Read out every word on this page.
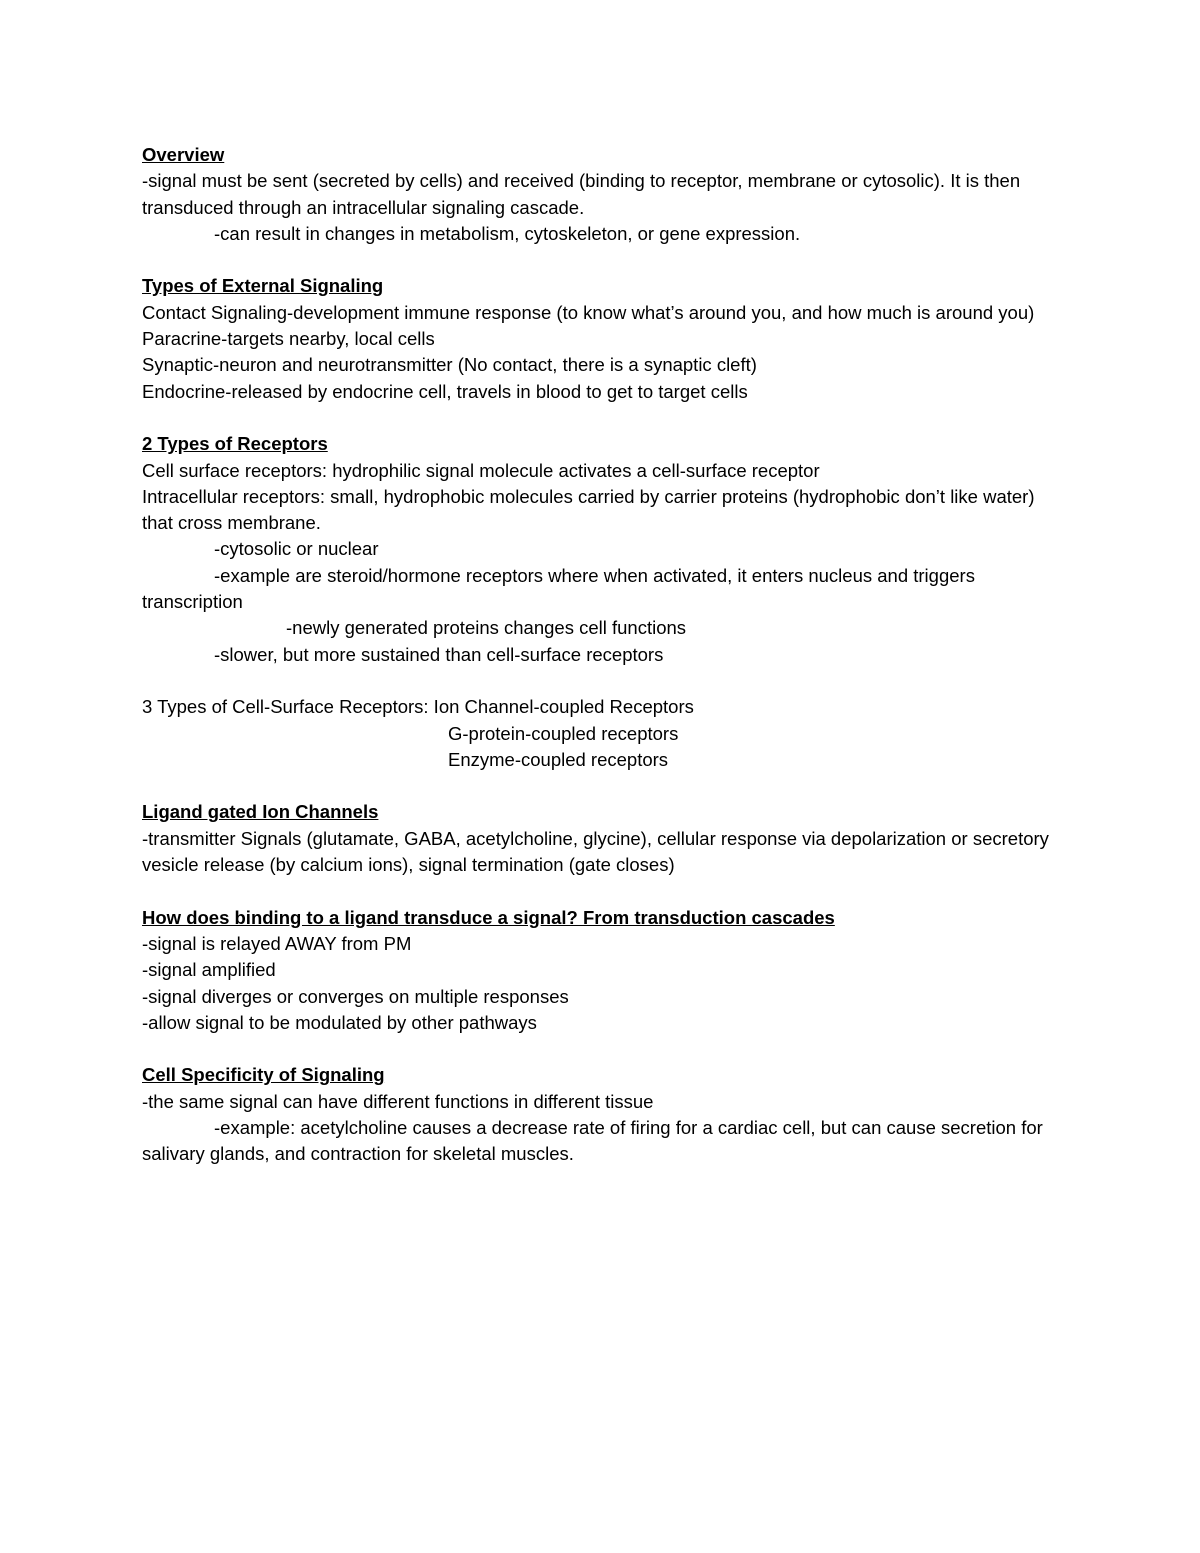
Overview
-signal must be sent (secreted by cells) and received (binding to receptor, membrane or cytosolic). It is then transduced through an intracellular signaling cascade.
-can result in changes in metabolism, cytoskeleton, or gene expression.
Types of External Signaling
Contact Signaling-development immune response (to know what’s around you, and how much is around you)
Paracrine-targets nearby, local cells
Synaptic-neuron and neurotransmitter (No contact, there is a synaptic cleft)
Endocrine-released by endocrine cell, travels in blood to get to target cells
2 Types of Receptors
Cell surface receptors: hydrophilic signal molecule activates a cell-surface receptor
Intracellular receptors: small, hydrophobic molecules carried by carrier proteins (hydrophobic don’t like water) that cross membrane.
-cytosolic or nuclear
-example are steroid/hormone receptors where when activated, it enters nucleus and triggers transcription
-newly generated proteins changes cell functions
-slower, but more sustained than cell-surface receptors
3 Types of Cell-Surface Receptors: Ion Channel-coupled Receptors
G-protein-coupled receptors
Enzyme-coupled receptors
Ligand gated Ion Channels
-transmitter Signals (glutamate, GABA, acetylcholine, glycine), cellular response via depolarization or secretory vesicle release (by calcium ions), signal termination (gate closes)
How does binding to a ligand transduce a signal? From transduction cascades
-signal is relayed AWAY from PM
-signal amplified
-signal diverges or converges on multiple responses
-allow signal to be modulated by other pathways
Cell Specificity of Signaling
-the same signal can have different functions in different tissue
-example: acetylcholine causes a decrease rate of firing for a cardiac cell, but can cause secretion for salivary glands, and contraction for skeletal muscles.
